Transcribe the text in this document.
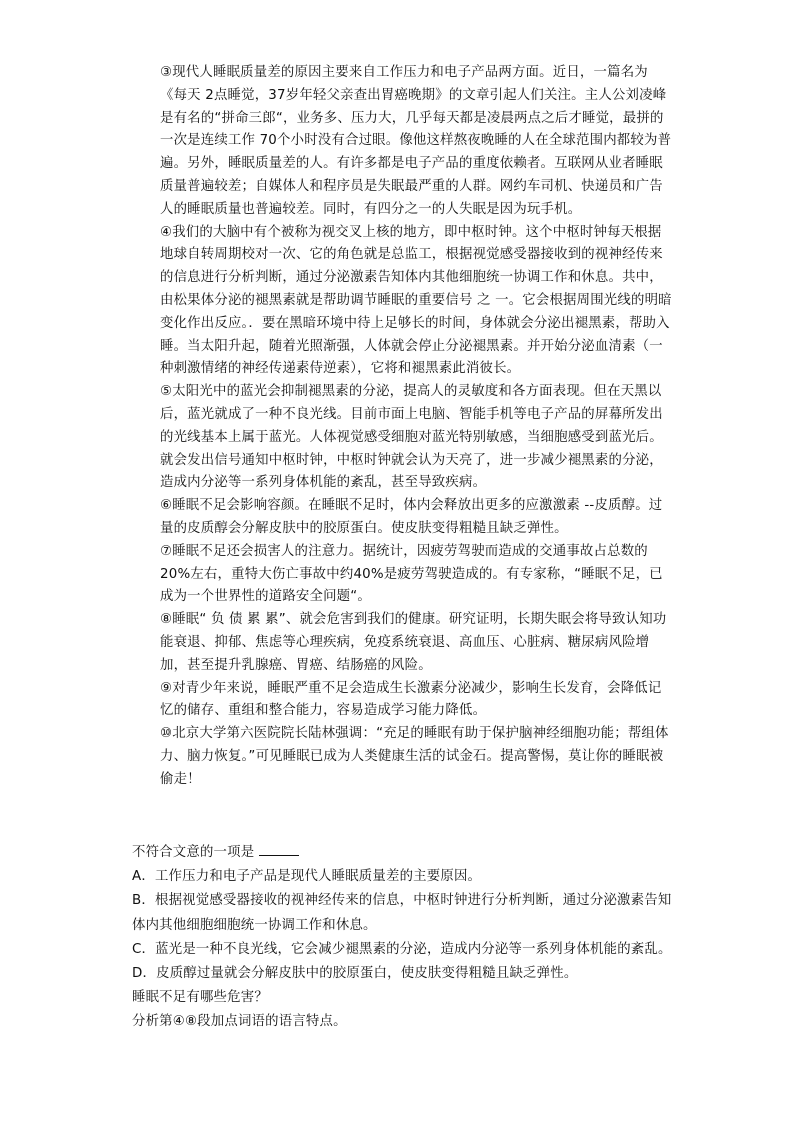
③现代人睡眠质量差的原因主要来自工作压力和电子产品两方面。近日，一篇名为《每天 2点睡觉，37岁年轻父亲查出胃癌晚期》的文章引起人们关注。主人公刘凌峰是有名的“拼命三郎“，业务多、压力大，几乎每天都是凌晨两点之后才睡觉，最拼的一次是连续工作 70个小时没有合过眼。像他这样熬夜晚睡的人在全球范围内都较为普遍。另外，睡眠质量差的人。有许多都是电子产品的重度依赖者。互联网从业者睡眠质量普遍较差；自媒体人和程序员是失眠最严重的人群。网约车司机、快递员和广告人的睡眠质量也普遍较差。同时，有四分之一的人失眠是因为玩手机。

④我们的大脑中有个被称为视交叉上核的地方，即中枢时钟。这个中枢时钟每天根据地球自转周期校对一次、它的角色就是总监工，根据视觉感受器接收到的视神经传来的信息进行分析判断，通过分泌激素告知体内其他细胞统一协调工作和休息。共中，由松果体分泌的褪黑素就是帮助调节睡眠的重要信号 之 一。它会根据周围光线的明暗变化作出反应。．要在黑暗环境中待上足够长的时间，身体就会分泌出褪黑素，帮助入睡。当太阳升起，随着光照渐强，人体就会停止分泌褪黑素。并开始分泌血清素（一种刺激情绪的神经传递素侍逆素），它将和褪黑素此消彼长。

⑤太阳光中的蓝光会抑制褪黑素的分泌，提高人的灵敏度和各方面表现。但在天黑以后，蓝光就成了一种不良光线。目前市面上电脑、智能手机等电子产品的屏幕所发出的光线基本上属于蓝光。人体视觉感受细胞对蓝光特别敏感，当细胞感受到蓝光后。就会发出信号通知中枢时钟，中枢时钟就会认为天亮了，进一步减少褪黑素的分泌，造成内分泌等一系列身体机能的紊乱，甚至导致疾病。

⑥睡眠不足会影响容颜。在睡眠不足时，体内会释放出更多的应激激素 --皮质醇。过量的皮质醇会分解皮肤中的胶原蛋白。使皮肤变得粗糙且缺乏弹性。

⑦睡眠不足还会损害人的注意力。据统计，因疲劳驾驶而造成的交通事故占总数的20%左右，重特大伤亡事故中约40%是疲劳驾驶造成的。有专家称，“睡眠不足，已成为一个世界性的道路安全问题“。

⑧睡眠“ 负 债 累 累”、就会危害到我们的健康。研究证明，长期失眠会将导致认知功能衰退、抑郁、焦虑等心理疾病，免疫系统衰退、高血压、心脏病、糖尿病风险增加，甚至提升乳腺癌、胃癌、结肠癌的风险。

⑨对青少年来说，睡眠严重不足会造成生长激素分泌减少，影响生长发育，会降低记忆的储存、重组和整合能力，容易造成学习能力降低。

⑩北京大学第六医院院长陆林强调：“充足的睡眠有助于保护脑神经细胞功能；帮组体力、脑力恢复。”可见睡眠已成为人类健康生活的试金石。提高警惕，莫让你的睡眠被偷走！

不符合文意的一项是

A．工作压力和电子产品是现代人睡眠质量差的主要原因。

B．根据视觉感受器接收的视神经传来的信息，中枢时钟进行分析判断，通过分泌激素告知体内其他细胞细胞统一协调工作和休息。

C．蓝光是一种不良光线，它会减少褪黑素的分泌，造成内分泌等一系列身体机能的紊乱。

D．皮质醇过量就会分解皮肤中的胶原蛋白，使皮肤变得粗糙且缺乏弹性。

睡眠不足有哪些危害？

分析第④⑧段加点词语的语言特点。
